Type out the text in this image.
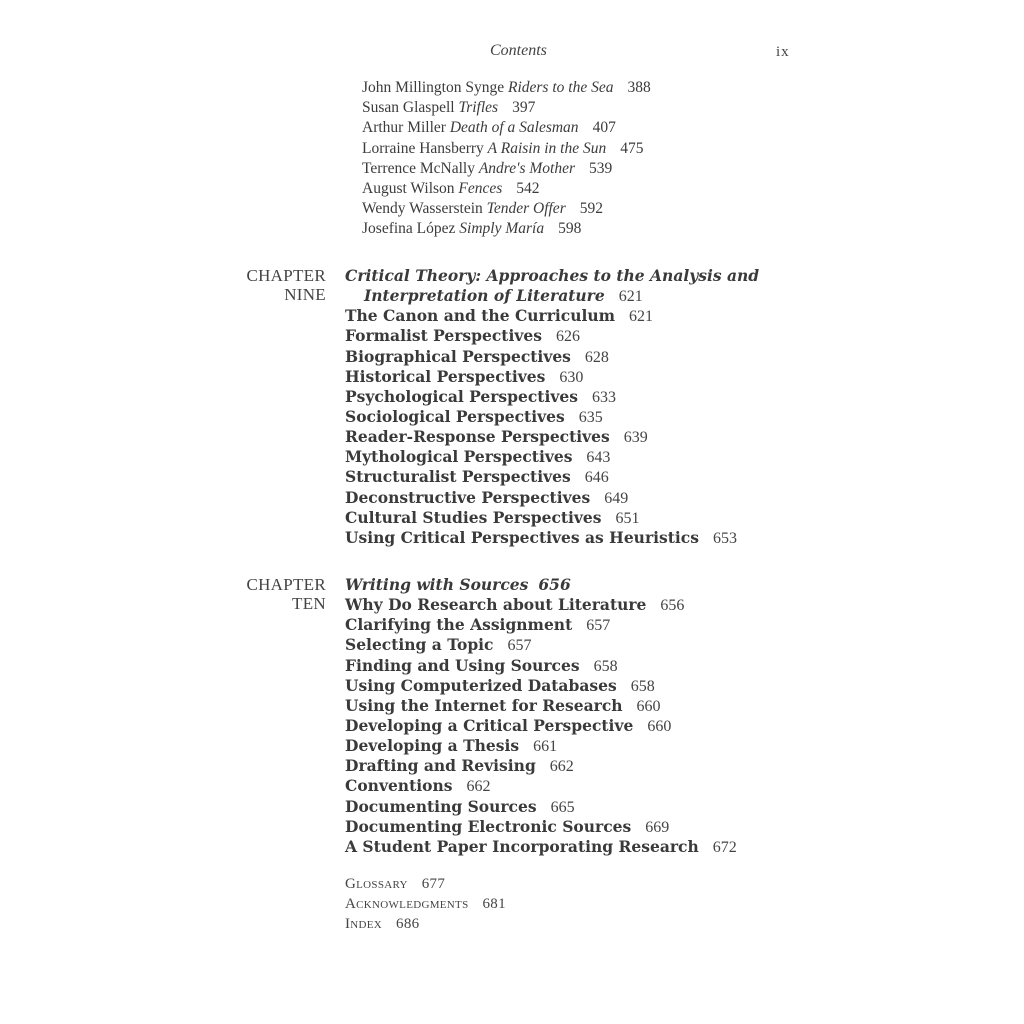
Contents	ix
John Millington Synge Riders to the Sea 388
Susan Glaspell Trifles 397
Arthur Miller Death of a Salesman 407
Lorraine Hansberry A Raisin in the Sun 475
Terrence McNally Andre's Mother 539
August Wilson Fences 542
Wendy Wasserstein Tender Offer 592
Josefina López Simply María 598
CHAPTER
NINE
Critical Theory: Approaches to the Analysis and
Interpretation of Literature 621
The Canon and the Curriculum 621
Formalist Perspectives 626
Biographical Perspectives 628
Historical Perspectives 630
Psychological Perspectives 633
Sociological Perspectives 635
Reader-Response Perspectives 639
Mythological Perspectives 643
Structuralist Perspectives 646
Deconstructive Perspectives 649
Cultural Studies Perspectives 651
Using Critical Perspectives as Heuristics 653
CHAPTER
TEN
Writing with Sources 656
Why Do Research about Literature 656
Clarifying the Assignment 657
Selecting a Topic 657
Finding and Using Sources 658
Using Computerized Databases 658
Using the Internet for Research 660
Developing a Critical Perspective 660
Developing a Thesis 661
Drafting and Revising 662
Conventions 662
Documenting Sources 665
Documenting Electronic Sources 669
A Student Paper Incorporating Research 672
Glossary 677
Acknowledgments 681
Index 686
